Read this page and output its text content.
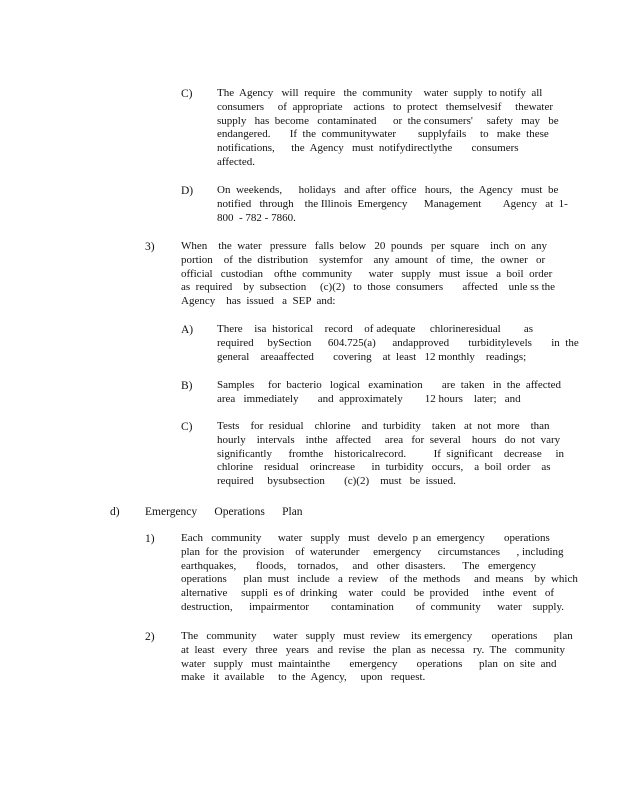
C) The  Agency   will  require   the  community    water  supply  to notify  all
consumers     of  appropriate    actions   to  protect   themselvesif     thewater
supply   has  become   contaminated      or  the consumers'     safety   may   be
endangered.       If  the  communitywater        supplyfails     to   make  these
notifications,      the  Agency   must  notifydirectlythe       consumers
affected.
D) On  weekends,      holidays   and  after  office   hours,   the  Agency   must  be
notified   through    the Illinois  Emergency      Management        Agency   at  1-
800  - 782 - 7860.
3) When    the  water   pressure   falls  below   20  pounds   per  square    inch  on  any
portion    of  the  distribution    systemfor    any  amount   of  time,   the  owner   or
official   custodian    ofthe  community      water   supply   must  issue   a  boil  order
as  required    by  subsection     (c)(2)   to  those  consumers       affected    unle ss the
Agency    has  issued   a  SEP  and:
A) There    isa  historical    record    of adequate     chlorineresidual        as
required     bySection      604.725(a)      andapproved       turbiditylevels       in  the
general    areaaffected       covering    at  least   12 monthly    readings;
B) Samples     for  bacterio   logical   examination       are  taken   in  the  affected
area   immediately       and  approximately        12 hours    later;   and
C) Tests    for  residual    chlorine    and  turbidity    taken   at  not  more    than
hourly    intervals    inthe   affected     area   for  several    hours   do  not  vary
significantly      fromthe    historicalrecord.          If  significant    decrease     in
chlorine    residual    orincrease      in  turbidity   occurs,    a  boil  order    as
required     bysubsection       (c)(2)    must   be  issued.
d) Emergency      Operations      Plan
1) Each   community      water   supply   must   develo  p an  emergency       operations
plan  for  the  provision    of  waterunder     emergency      circumstances      , including
earthquakes,       floods,    tornados,     and   other  disasters.      The   emergency
operations      plan  must   include   a  review    of  the  methods     and  means    by  which
alternative     suppli  es of  drinking    water   could   be  provided     inthe   event   of
destruction,      impairmentor        contamination        of  community      water    supply.
2) The   community      water   supply   must  review    its emergency       operations      plan
at  least   every   three   years   and  revise   the  plan  as  necessa   ry.  The   community
water   supply   must  maintainthe       emergency       operations      plan  on  site  and
make   it  available     to  the  Agency,     upon   request.
